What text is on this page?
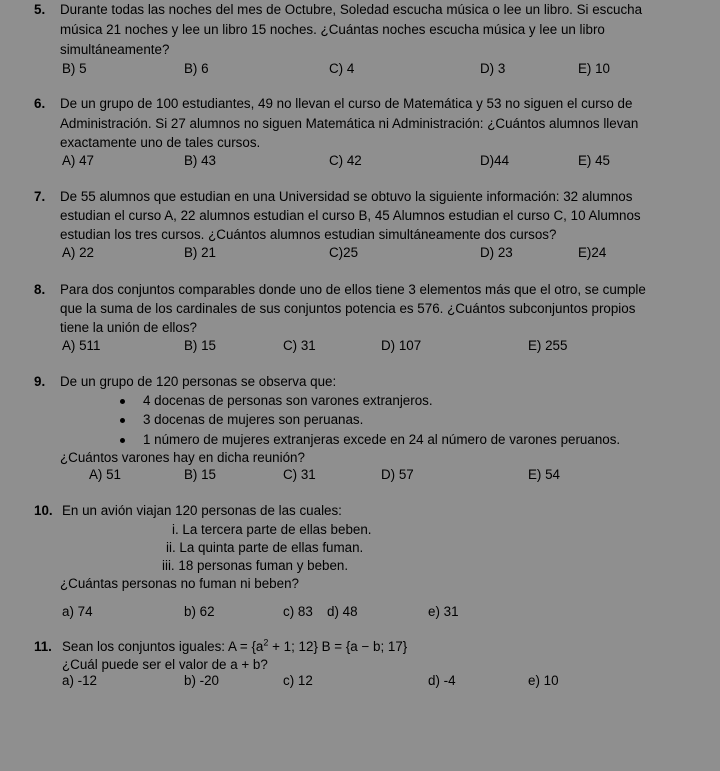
5. Durante todas las noches del mes de Octubre, Soledad escucha música o lee un libro. Si escucha
música 21 noches y lee un libro 15 noches. ¿Cuántas noches escucha música y lee un libro
simultáneamente?
B) 5	B) 6	C) 4	D) 3	E) 10
6. De un grupo de 100 estudiantes, 49 no llevan el curso de Matemática y 53 no siguen el curso de
Administración. Si 27 alumnos no siguen Matemática ni Administración: ¿Cuántos alumnos llevan
exactamente uno de tales cursos.
A) 47	B) 43	C) 42	D)44	E) 45
7. De 55 alumnos que estudian en una Universidad se obtuvo la siguiente información: 32 alumnos
estudian el curso A, 22 alumnos estudian el curso B, 45 Alumnos estudian el curso C, 10 Alumnos
estudian los tres cursos. ¿Cuántos alumnos estudian simultáneamente dos cursos?
A) 22	B) 21	C)25	D) 23	E)24
8. Para dos conjuntos comparables donde uno de ellos tiene 3 elementos más que el otro, se cumple
que la suma de los cardinales de sus conjuntos potencia es 576. ¿Cuántos subconjuntos propios
tiene la unión de ellos?
A) 511	B) 15	C) 31	D) 107	E) 255
9. De un grupo de 120 personas se observa que:
4 docenas de personas son varones extranjeros.
3 docenas de mujeres son peruanas.
1 número de mujeres extranjeras excede en 24 al número de varones peruanos.
¿Cuántos varones hay en dicha reunión?
A) 51	B) 15	C) 31	D) 57	E) 54
10. En un avión viajan 120 personas de las cuales:
i. La tercera parte de ellas beben.
ii. La quinta parte de ellas fuman.
iii. 18 personas fuman y beben.
¿Cuántas personas no fuman ni beben?
a) 74	b) 62	c) 83 d) 48	e) 31
11. Sean los conjuntos iguales: $A = \{a^2 + 1$; 12} B = {a − b; 17}
¿Cuál puede ser el valor de a + b?
a) -12	b) -20	c) 12	d) -4	e) 10
